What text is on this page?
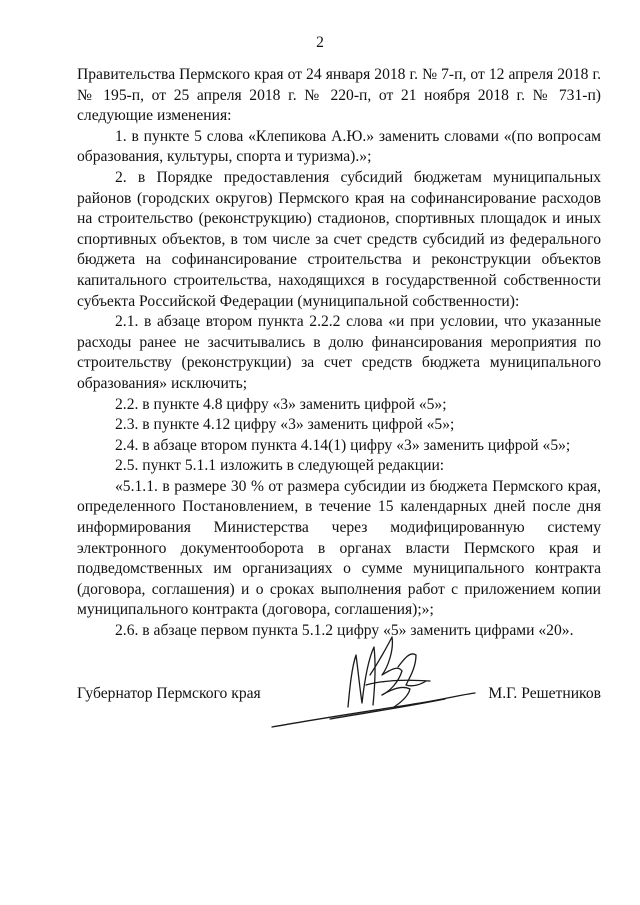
2

Правительства Пермского края от 24 января 2018 г. № 7-п, от 12 апреля 2018 г. № 195-п, от 25 апреля 2018 г. № 220-п, от 21 ноября 2018 г. № 731-п) следующие изменения:

1. в пункте 5 слова «Клепикова А.Ю.» заменить словами «(по вопросам образования, культуры, спорта и туризма).»;

2. в Порядке предоставления субсидий бюджетам муниципальных районов (городских округов) Пермского края на софинансирование расходов на строительство (реконструкцию) стадионов, спортивных площадок и иных спортивных объектов, в том числе за счет средств субсидий из федерального бюджета на софинансирование строительства и реконструкции объектов капитального строительства, находящихся в государственной собственности субъекта Российской Федерации (муниципальной собственности):

2.1. в абзаце втором пункта 2.2.2 слова «и при условии, что указанные расходы ранее не засчитывались в долю финансирования мероприятия по строительству (реконструкции) за счет средств бюджета муниципального образования» исключить;

2.2. в пункте 4.8 цифру «3» заменить цифрой «5»;

2.3. в пункте 4.12 цифру «3» заменить цифрой «5»;

2.4. в абзаце втором пункта 4.14(1) цифру «3» заменить цифрой «5»;

2.5. пункт 5.1.1 изложить в следующей редакции:

«5.1.1. в размере 30 % от размера субсидии из бюджета Пермского края, определенного Постановлением, в течение 15 календарных дней после дня информирования Министерства через модифицированную систему электронного документооборота в органах власти Пермского края и подведомственных им организациях о сумме муниципального контракта (договора, соглашения) и о сроках выполнения работ с приложением копии муниципального контракта (договора, соглашения);»;

2.6. в абзаце первом пункта 5.1.2 цифру «5» заменить цифрами «20».

Губернатор Пермского края	М.Г. Решетников
